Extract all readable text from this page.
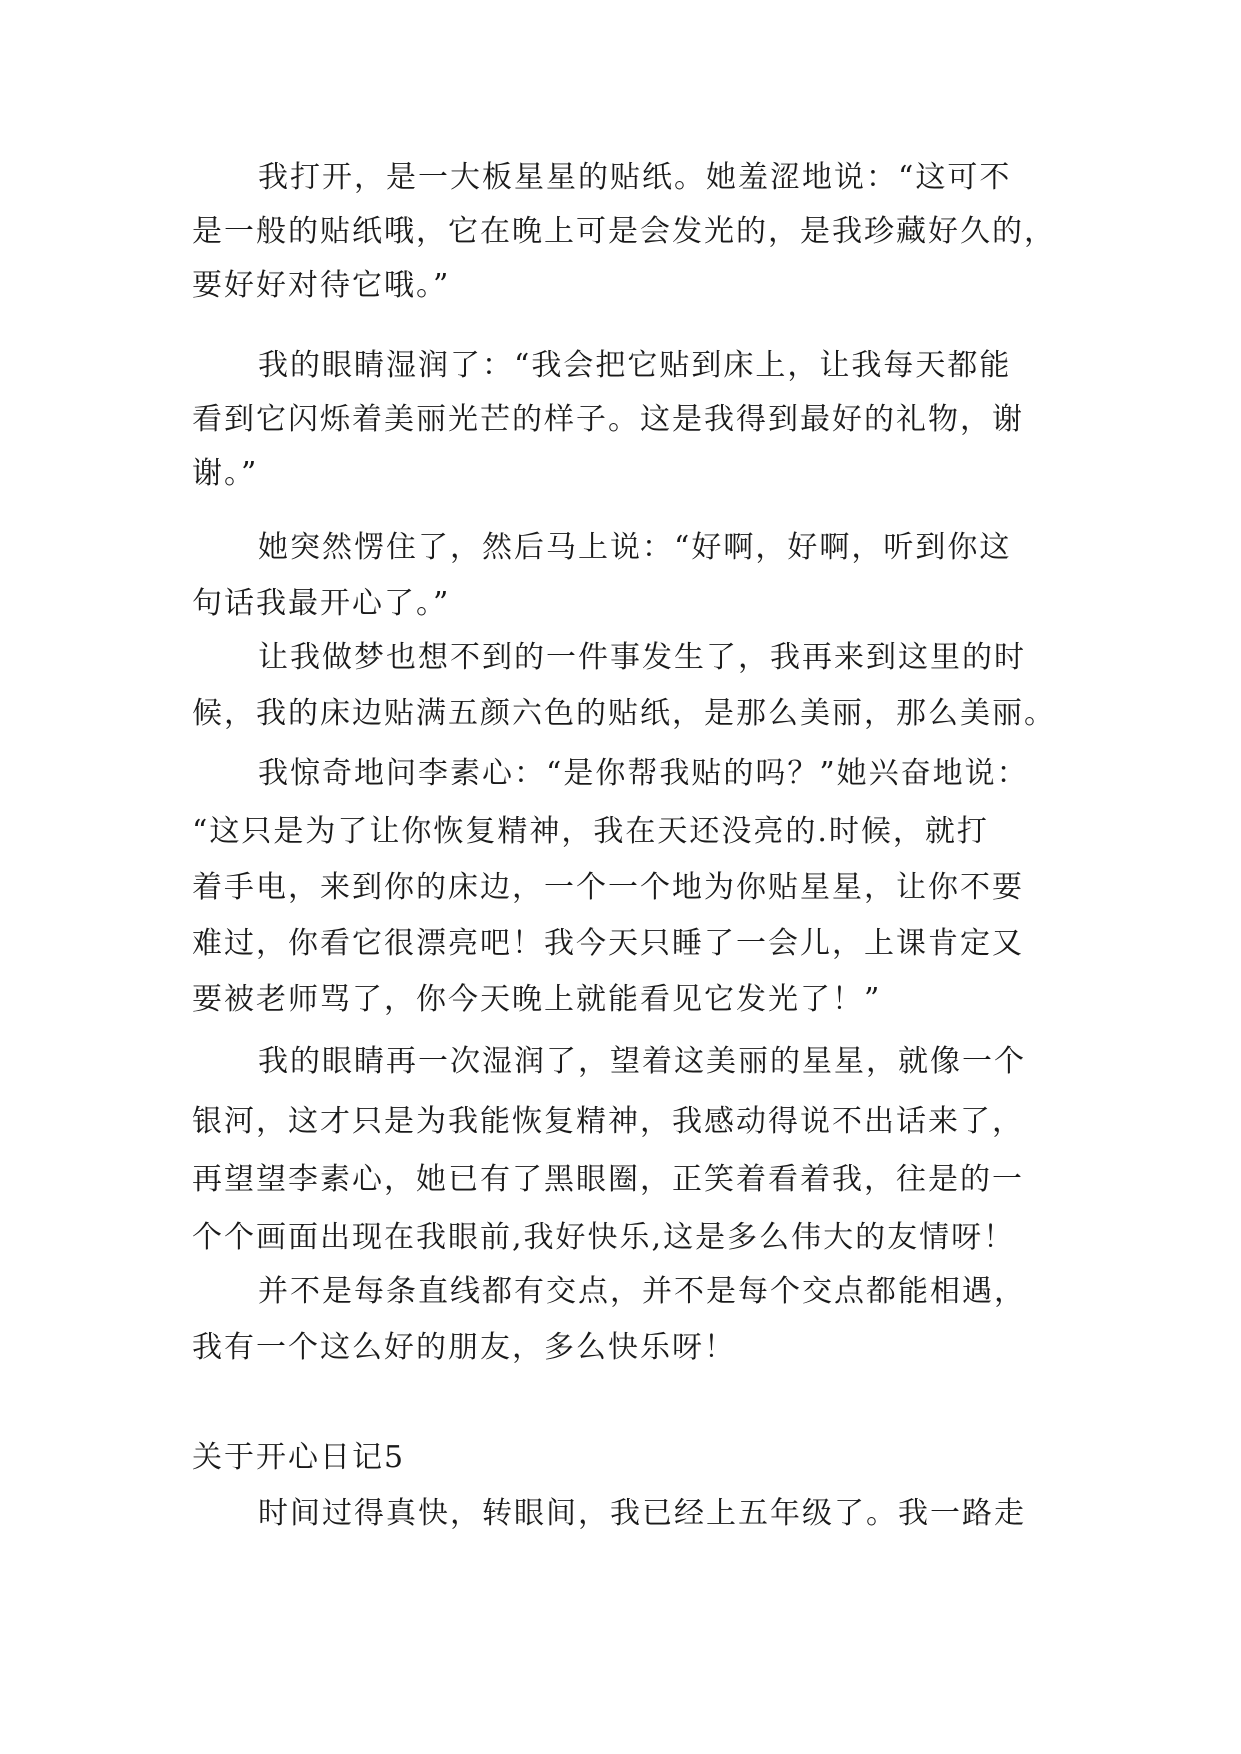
我打开，是一大板星星的贴纸。她羞涩地说：“这可不
是一般的贴纸哦，它在晚上可是会发光的，是我珍藏好久的，
要好好对待它哦。”
我的眼睛湿润了：“我会把它贴到床上，让我每天都能
看到它闪烁着美丽光芒的样子。这是我得到最好的礼物，谢
谢。”
她突然愣住了，然后马上说：“好啊，好啊，听到你这
句话我最开心了。”
让我做梦也想不到的一件事发生了，我再来到这里的时
候，我的床边贴满五颜六色的贴纸，是那么美丽，那么美丽。
我惊奇地问李素心：“是你帮我贴的吗？”她兴奋地说：
“这只是为了让你恢复精神，我在天还没亮的.时候，就打
着手电，来到你的床边，一个一个地为你贴星星，让你不要
难过，你看它很漂亮吧！我今天只睡了一会儿，上课肯定又
要被老师骂了，你今天晚上就能看见它发光了！”
我的眼睛再一次湿润了，望着这美丽的星星，就像一个
银河，这才只是为我能恢复精神，我感动得说不出话来了，
再望望李素心，她已有了黑眼圈，正笑着看着我，往是的一
个个画面出现在我眼前,我好快乐,这是多么伟大的友情呀！
并不是每条直线都有交点，并不是每个交点都能相遇，
我有一个这么好的朋友，多么快乐呀！
关于开心日记5
时间过得真快，转眼间，我已经上五年级了。我一路走
